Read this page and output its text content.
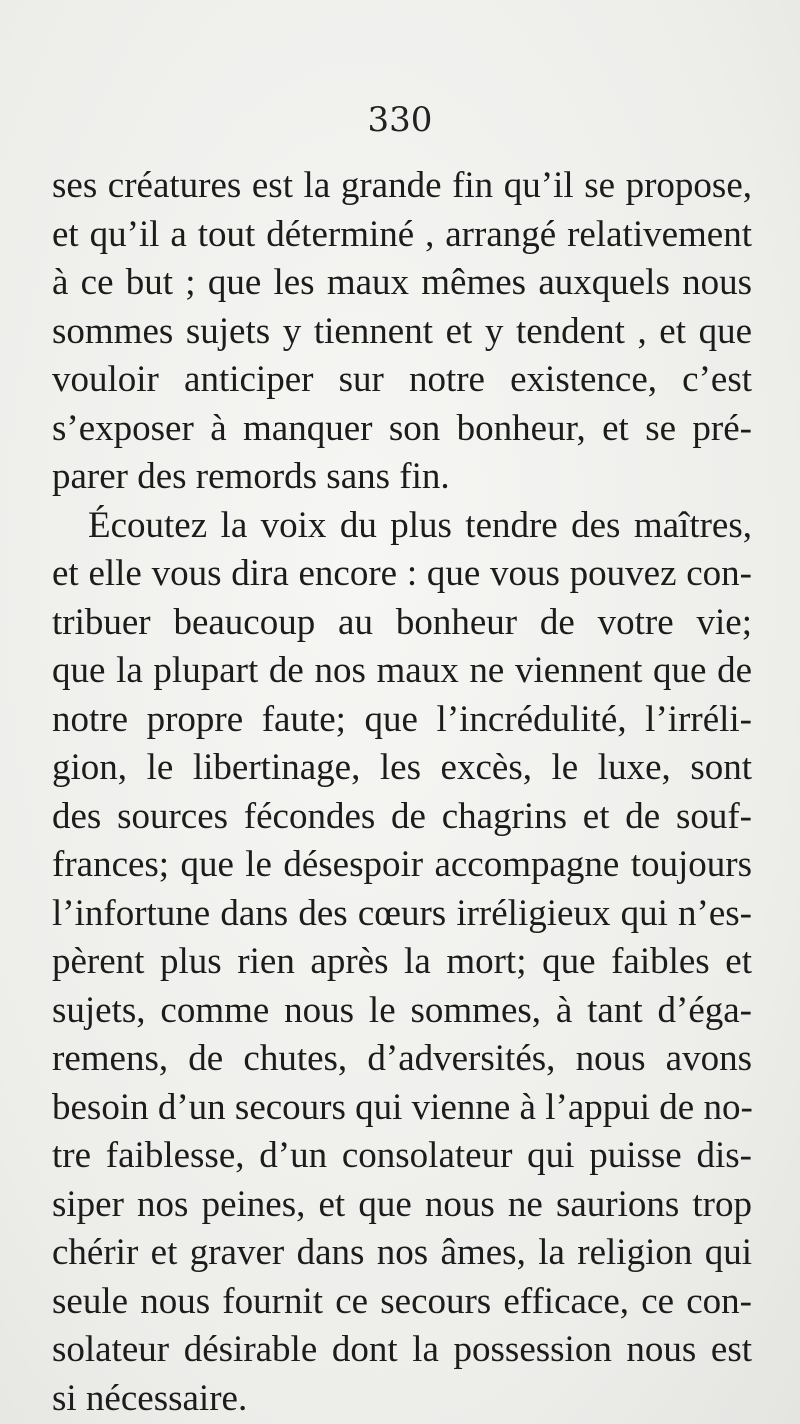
330
ses créatures est la grande fin qu’il se propose,
et qu’il a tout déterminé , arrangé relativement
à ce but ; que les maux mêmes auxquels nous
sommes sujets y tiennent et y tendent , et que
vouloir anticiper sur notre existence, c’est
s’exposer à manquer son bonheur, et se pré-
parer des remords sans fin.
Écoutez la voix du plus tendre des maîtres,
et elle vous dira encore : que vous pouvez con-
tribuer beaucoup au bonheur de votre vie;
que la plupart de nos maux ne viennent que de
notre propre faute; que l’incrédulité, l’irréli-
gion, le libertinage, les excès, le luxe, sont
des sources fécondes de chagrins et de souf-
frances; que le désespoir accompagne toujours
l’infortune dans des cœurs irréligieux qui n’es-
pèrent plus rien après la mort; que faibles et
sujets, comme nous le sommes, à tant d’éga-
remens, de chutes, d’adversités, nous avons
besoin d’un secours qui vienne à l’appui de no-
tre faiblesse, d’un consolateur qui puisse dis-
siper nos peines, et que nous ne saurions trop
chérir et graver dans nos âmes, la religion qui
seule nous fournit ce secours efficace, ce con-
solateur désirable dont la possession nous est
si nécessaire.
